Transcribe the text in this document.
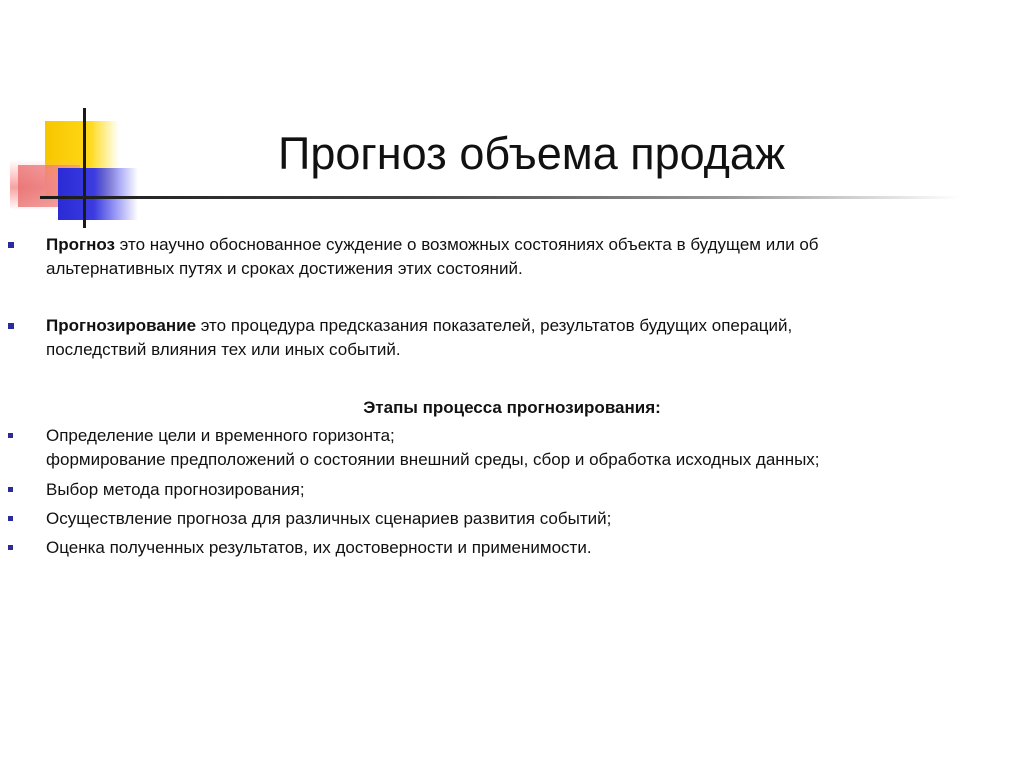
Прогноз объема продаж
Прогноз это научно обоснованное суждение о возможных состояниях объекта в будущем или об
альтернативных путях и сроках достижения этих состояний.
Прогнозирование это процедура предсказания показателей, результатов будущих операций,
последствий влияния тех или иных событий.
Определение цели и временного горизонта;
формирование предположений о состоянии внешний среды, сбор и обработка исходных данных;
Выбор метода прогнозирования;
Осуществление прогноза для различных сценариев развития событий;
Оценка полученных результатов, их достоверности и применимости.

Этапы процесса прогнозирования:
